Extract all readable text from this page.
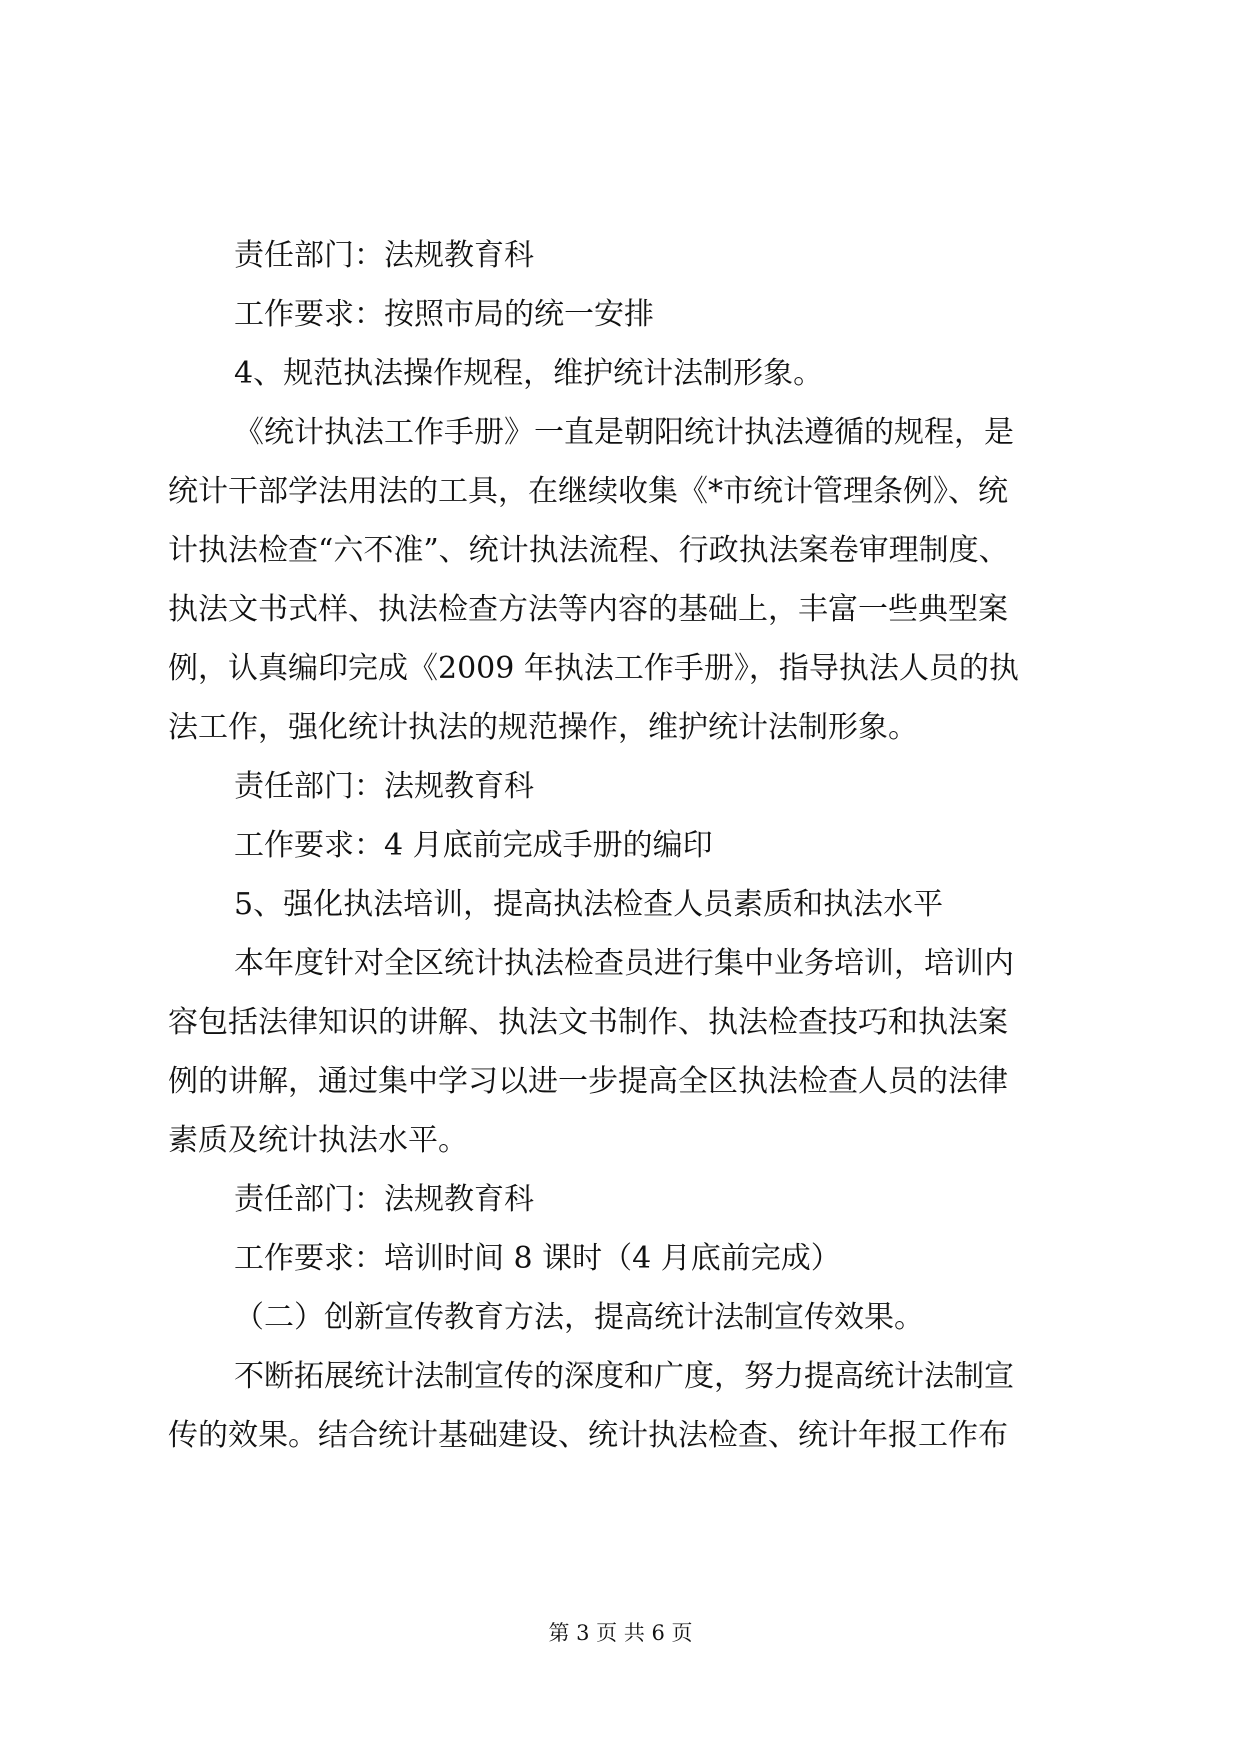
责任部门：法规教育科
工作要求：按照市局的统一安排
4、规范执法操作规程，维护统计法制形象。
《统计执法工作手册》一直是朝阳统计执法遵循的规程，是
统计干部学法用法的工具，在继续收集《*市统计管理条例》、统
计执法检查“六不准”、统计执法流程、行政执法案卷审理制度、
执法文书式样、执法检查方法等内容的基础上，丰富一些典型案
例，认真编印完成《2009 年执法工作手册》，指导执法人员的执
法工作，强化统计执法的规范操作，维护统计法制形象。
责任部门：法规教育科
工作要求：4 月底前完成手册的编印
5、强化执法培训，提高执法检查人员素质和执法水平
本年度针对全区统计执法检查员进行集中业务培训，培训内
容包括法律知识的讲解、执法文书制作、执法检查技巧和执法案
例的讲解，通过集中学习以进一步提高全区执法检查人员的法律
素质及统计执法水平。
责任部门：法规教育科
工作要求：培训时间 8 课时（4 月底前完成）
（二）创新宣传教育方法，提高统计法制宣传效果。
不断拓展统计法制宣传的深度和广度，努力提高统计法制宣
传的效果。结合统计基础建设、统计执法检查、统计年报工作布
第 3 页 共 6 页
